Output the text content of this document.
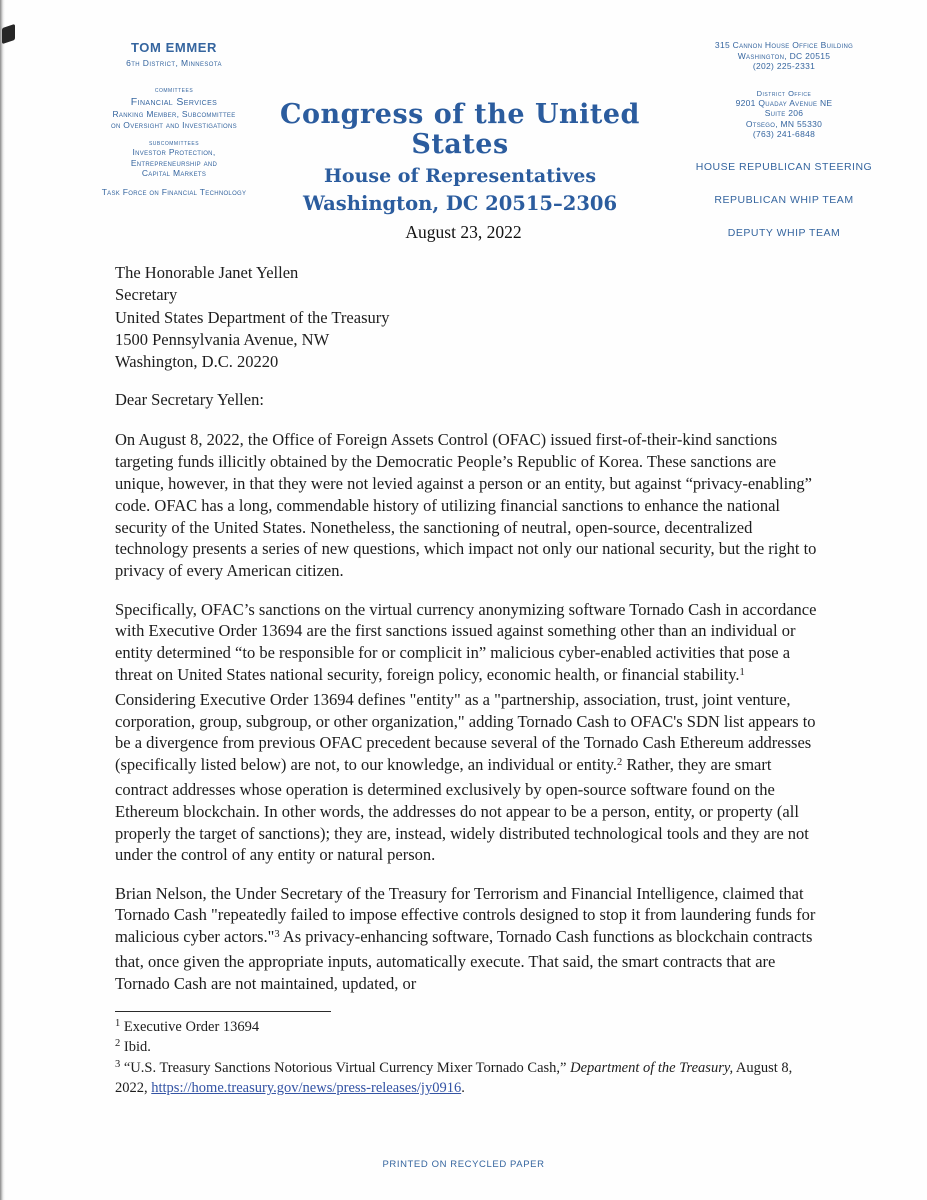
TOM EMMER
6th District, Minnesota
committees
Financial Services
Ranking Member, Subcommittee
on Oversight and Investigations
subcommittees
Investor Protection,
Entrepreneurship and
Capital Markets
Task Force on Financial Technology
Congress of the United States
House of Representatives
Washington, DC 20515–2306
315 Cannon House Office Building
Washington, DC 20515
(202) 225-2331
District Office
9201 Quaday Avenue NE
Suite 206
Otsego, MN 55330
(763) 241-6848
HOUSE REPUBLICAN STEERING
REPUBLICAN WHIP TEAM
DEPUTY WHIP TEAM
August 23, 2022
The Honorable Janet Yellen
Secretary
United States Department of the Treasury
1500 Pennsylvania Avenue, NW
Washington, D.C. 20220
Dear Secretary Yellen:

On August 8, 2022, the Office of Foreign Assets Control (OFAC) issued first-of-their-kind sanctions targeting funds illicitly obtained by the Democratic People’s Republic of Korea. These sanctions are unique, however, in that they were not levied against a person or an entity, but against “privacy-enabling” code. OFAC has a long, commendable history of utilizing financial sanctions to enhance the national security of the United States. Nonetheless, the sanctioning of neutral, open-source, decentralized technology presents a series of new questions, which impact not only our national security, but the right to privacy of every American citizen.

Specifically, OFAC’s sanctions on the virtual currency anonymizing software Tornado Cash in accordance with Executive Order 13694 are the first sanctions issued against something other than an individual or entity determined “to be responsible for or complicit in” malicious cyber-enabled activities that pose a threat on United States national security, foreign policy, economic health, or financial stability.$^1$ Considering Executive Order 13694 defines "entity" as a "partnership, association, trust, joint venture, corporation, group, subgroup, or other organization," adding Tornado Cash to OFAC's SDN list appears to be a divergence from previous OFAC precedent because several of the Tornado Cash Ethereum addresses (specifically listed below) are not, to our knowledge, an individual or entity.$^2$ Rather, they are smart contract addresses whose operation is determined exclusively by open-source software found on the Ethereum blockchain. In other words, the addresses do not appear to be a person, entity, or property (all properly the target of sanctions); they are, instead, widely distributed technological tools and they are not under the control of any entity or natural person.

Brian Nelson, the Under Secretary of the Treasury for Terrorism and Financial Intelligence, claimed that Tornado Cash "repeatedly failed to impose effective controls designed to stop it from laundering funds for malicious cyber actors."$^3$ As privacy-enhancing software, Tornado Cash functions as blockchain contracts that, once given the appropriate inputs, automatically execute. That said, the smart contracts that are Tornado Cash are not maintained, updated, or

$^1$ Executive Order 13694
$^2$ Ibid.
$^3$ “U.S. Treasury Sanctions Notorious Virtual Currency Mixer Tornado Cash,” Department of the Treasury, August 8, 2022, https://home.treasury.gov/news/press-releases/jy0916.
PRINTED ON RECYCLED PAPER
